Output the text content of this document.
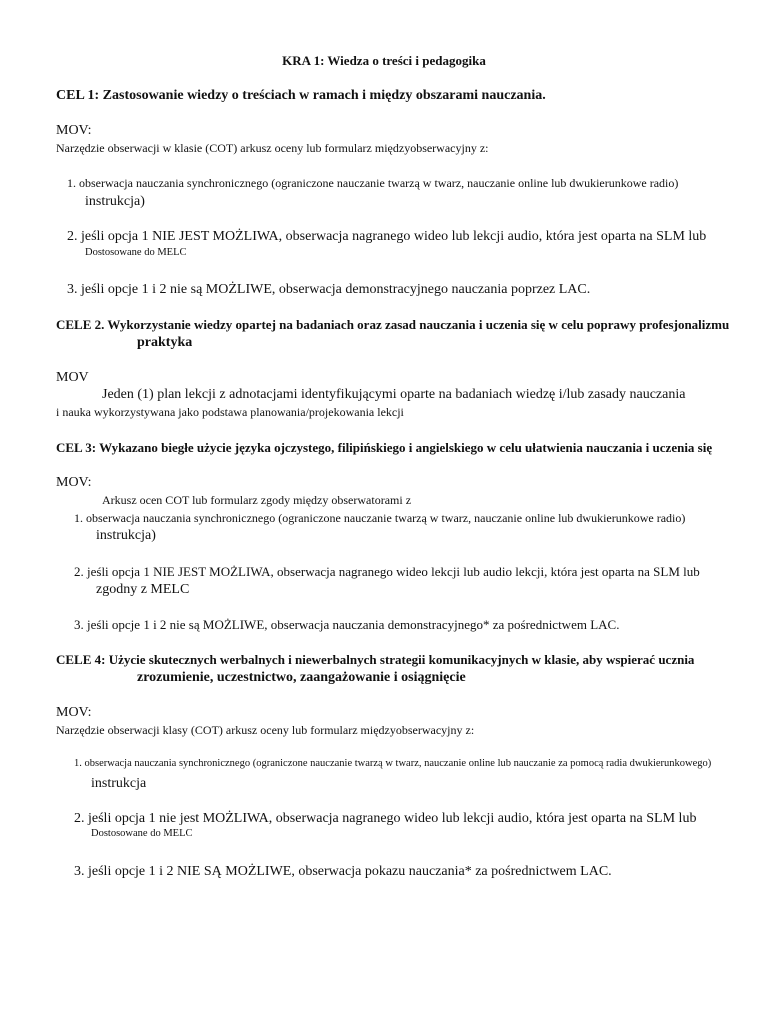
KRA 1: Wiedza o treści i pedagogika
CEL 1: Zastosowanie wiedzy o treściach w ramach i między obszarami nauczania.
MOV:
Narzędzie obserwacji w klasie (COT) arkusz oceny lub formularz międzyobserwacyjny z:
1. obserwacja nauczania synchronicznego (ograniczone nauczanie twarzą w twarz, nauczanie online lub dwukierunkowe radio)
instrukcja)
2. jeśli opcja 1 NIE JEST MOŻLIWA, obserwacja nagranego wideo lub lekcji audio, która jest oparta na SLM lub
Dostosowane do MELC
3. jeśli opcje 1 i 2 nie są MOŻLIWE, obserwacja demonstracyjnego nauczania poprzez LAC.
CELE 2. Wykorzystanie wiedzy opartej na badaniach oraz zasad nauczania i uczenia się w celu poprawy profesjonalizmu
praktyka
MOV
Jeden (1) plan lekcji z adnotacjami identyfikującymi oparte na badaniach wiedzę i/lub zasady nauczania
i nauka wykorzystywana jako podstawa planowania/projekowania lekcji
CEL 3: Wykazano biegłe użycie języka ojczystego, filipińskiego i angielskiego w celu ułatwienia nauczania i uczenia się
MOV:
Arkusz ocen COT lub formularz zgody między obserwatorami z
1. obserwacja nauczania synchronicznego (ograniczone nauczanie twarzą w twarz, nauczanie online lub dwukierunkowe radio)
instrukcja)
2. jeśli opcja 1 NIE JEST MOŻLIWA, obserwacja nagranego wideo lekcji lub audio lekcji, która jest oparta na SLM lub
zgodny z MELC
3. jeśli opcje 1 i 2 nie są MOŻLIWE, obserwacja nauczania demonstracyjnego* za pośrednictwem LAC.
CELE 4: Użycie skutecznych werbalnych i niewerbalnych strategii komunikacyjnych w klasie, aby wspierać ucznia
zrozumienie, uczestnictwo, zaangażowanie i osiągnięcie
MOV:
Narzędzie obserwacji klasy (COT) arkusz oceny lub formularz międzyobserwacyjny z:
1. obserwacja nauczania synchronicznego (ograniczone nauczanie twarzą w twarz, nauczanie online lub nauczanie za pomocą radia dwukierunkowego)
instrukcja
2. jeśli opcja 1 nie jest MOŻLIWA, obserwacja nagranego wideo lub lekcji audio, która jest oparta na SLM lub
Dostosowane do MELC
3. jeśli opcje 1 i 2 NIE SĄ MOŻLIWE, obserwacja pokazu nauczania* za pośrednictwem LAC.
